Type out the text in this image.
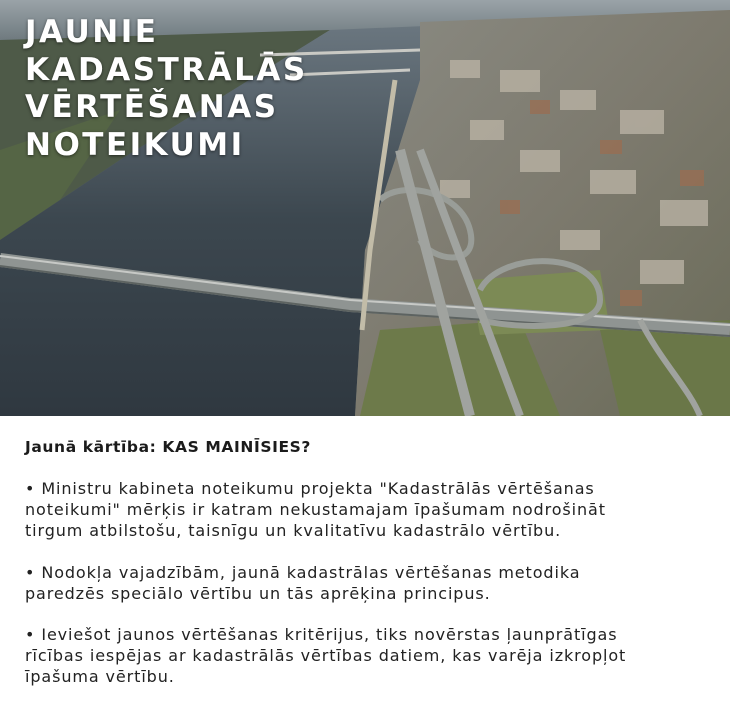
JAUNIE
KADASTRĀLĀS
VĒRTĒŠANAS
NOTEIKUMI
Jaunā kārtība: KAS MAINĪSIES?
• Ministru kabineta noteikumu projekta "Kadastrālās vērtēšanas
noteikumi" mērķis ir katram nekustamajam īpašumam nodrošināt
tirgum atbilstošu, taisnīgu un kvalitatīvu kadastrālo vērtību.
• Nodokļa vajadzībām, jaunā kadastrālas vērtēšanas metodika
paredzēs speciālo vērtību un tās aprēķina principus.
• Ieviešot jaunos vērtēšanas kritērijus, tiks novērstas ļaunprātīgas
rīcības iespējas ar kadastrālās vērtības datiem, kas varēja izkropļot
īpašuma vērtību.
